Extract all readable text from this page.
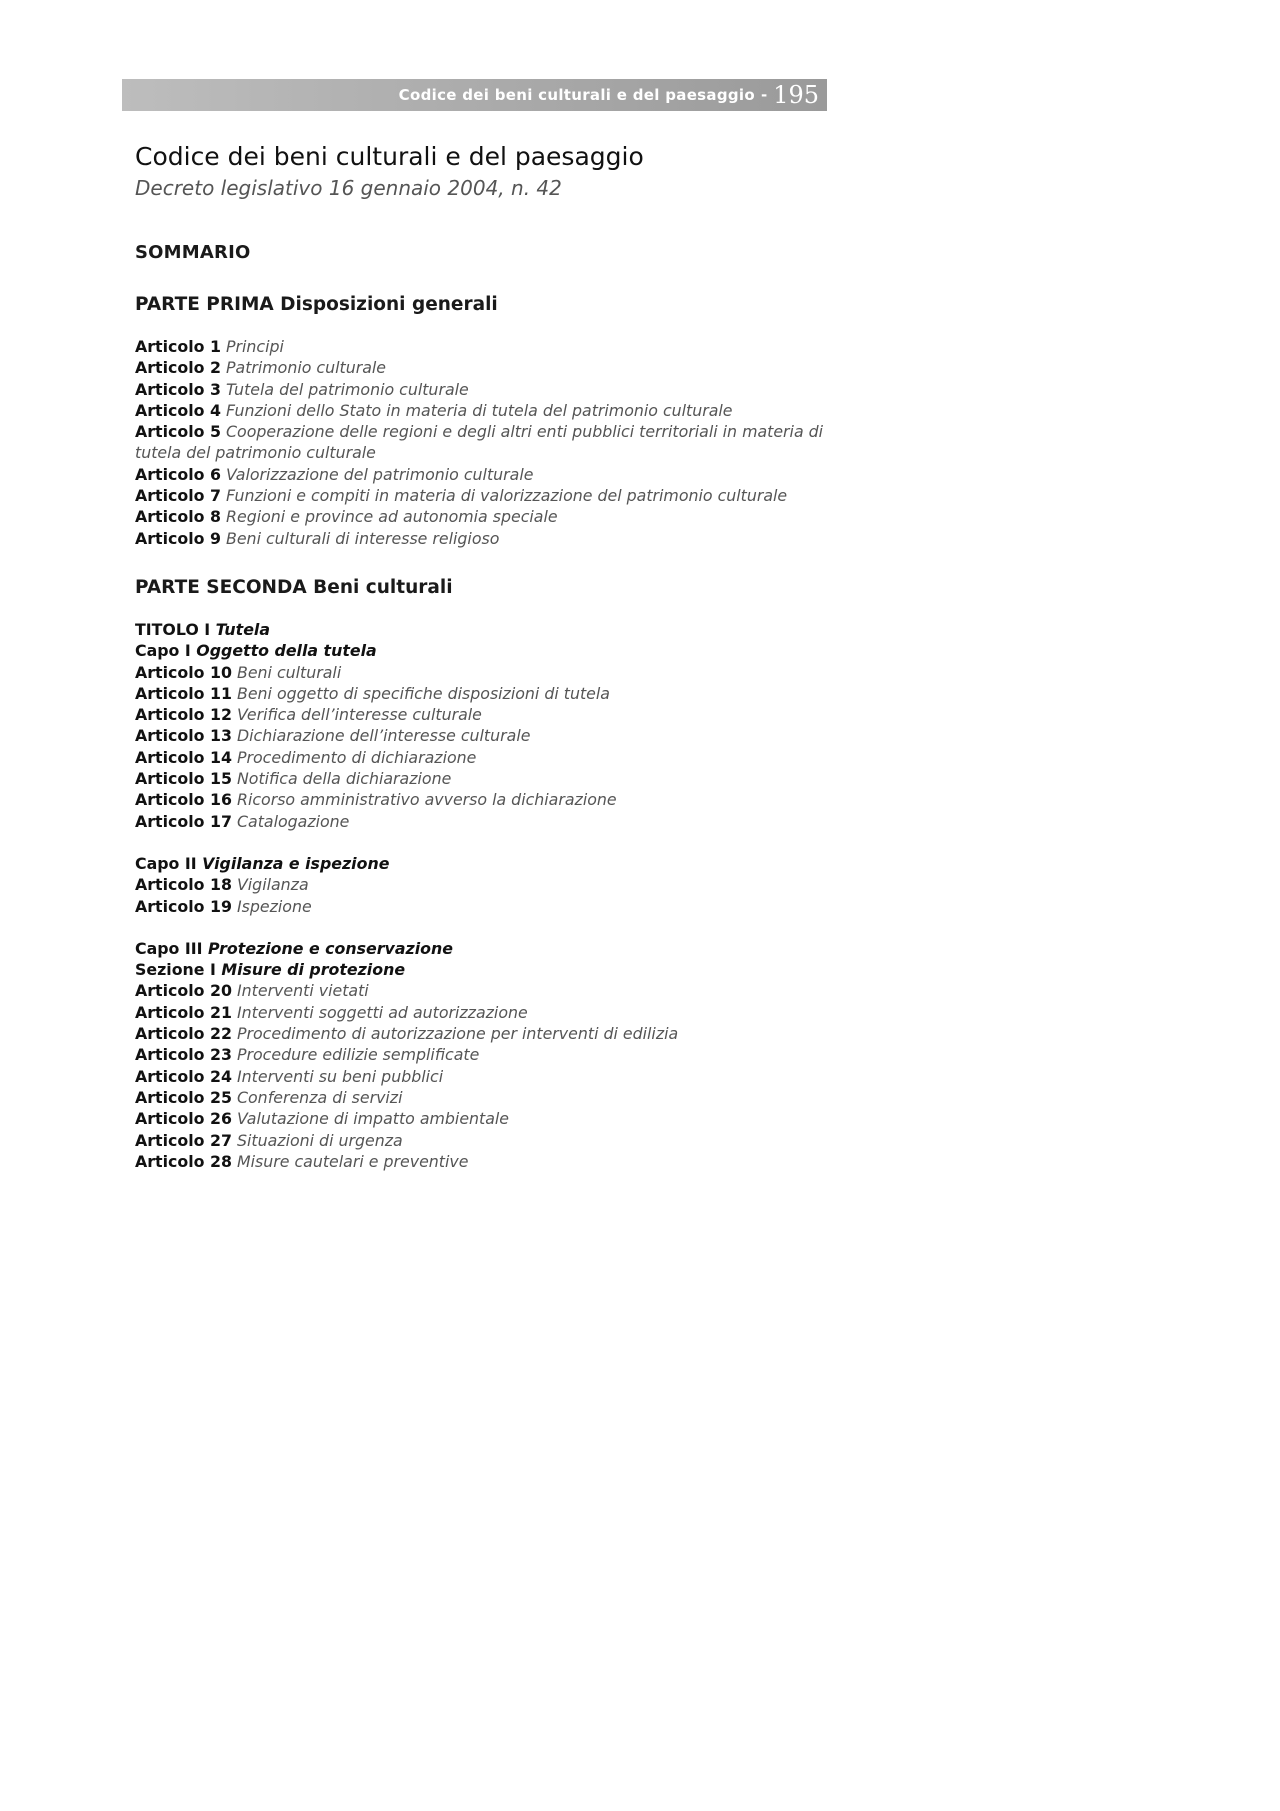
Codice dei beni culturali e del paesaggio - 195
Codice dei beni culturali e del paesaggio

Decreto legislativo 16 gennaio 2004, n. 42

SOMMARIO
PARTE PRIMA Disposizioni generali
Articolo 1 Principi
Articolo 2 Patrimonio culturale
Articolo 3 Tutela del patrimonio culturale
Articolo 4 Funzioni dello Stato in materia di tutela del patrimonio culturale
Articolo 5 Cooperazione delle regioni e degli altri enti pubblici territoriali in materia di tutela del patrimonio culturale
Articolo 6 Valorizzazione del patrimonio culturale
Articolo 7 Funzioni e compiti in materia di valorizzazione del patrimonio culturale
Articolo 8 Regioni e province ad autonomia speciale
Articolo 9 Beni culturali di interesse religioso
PARTE SECONDA Beni culturali
TITOLO I Tutela
Capo I Oggetto della tutela
Articolo 10 Beni culturali
Articolo 11 Beni oggetto di specifiche disposizioni di tutela
Articolo 12 Verifica dell’interesse culturale
Articolo 13 Dichiarazione dell’interesse culturale
Articolo 14 Procedimento di dichiarazione
Articolo 15 Notifica della dichiarazione
Articolo 16 Ricorso amministrativo avverso la dichiarazione
Articolo 17 Catalogazione
Capo II Vigilanza e ispezione
Articolo 18 Vigilanza
Articolo 19 Ispezione
Capo III Protezione e conservazione
Sezione I Misure di protezione
Articolo 20 Interventi vietati
Articolo 21 Interventi soggetti ad autorizzazione
Articolo 22 Procedimento di autorizzazione per interventi di edilizia
Articolo 23 Procedure edilizie semplificate
Articolo 24 Interventi su beni pubblici
Articolo 25 Conferenza di servizi
Articolo 26 Valutazione di impatto ambientale
Articolo 27 Situazioni di urgenza
Articolo 28 Misure cautelari e preventive
